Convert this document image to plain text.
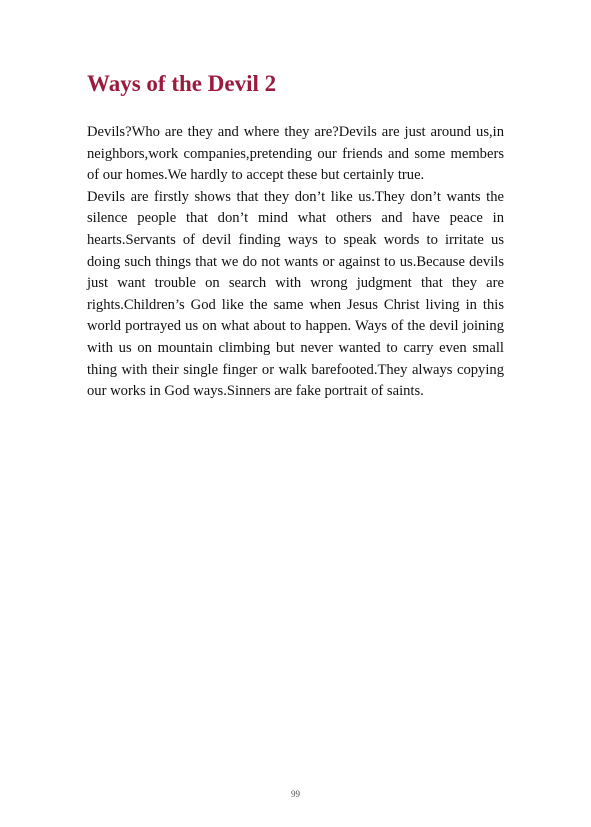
Ways of the Devil 2

Devils?Who are they and where they are?Devils are just around us,in neighbors,work companies,pretending our friends and some members of our homes.We hardly to accept these but certainly true.

Devils are firstly shows that they don’t like us.They don’t wants the silence people that don’t mind what others and have peace in hearts.Servants of devil finding ways to speak words to irritate us doing such things that we do not wants or against to us.Because devils just want trouble on search with wrong judgment that they are rights.Children’s God like the same when Jesus Christ living in this world portrayed us on what about to happen. Ways of the devil joining with us on mountain climbing but never wanted to carry even small thing with their single finger or walk barefooted.They always copying our works in God ways.Sinners are fake portrait of saints.

99
